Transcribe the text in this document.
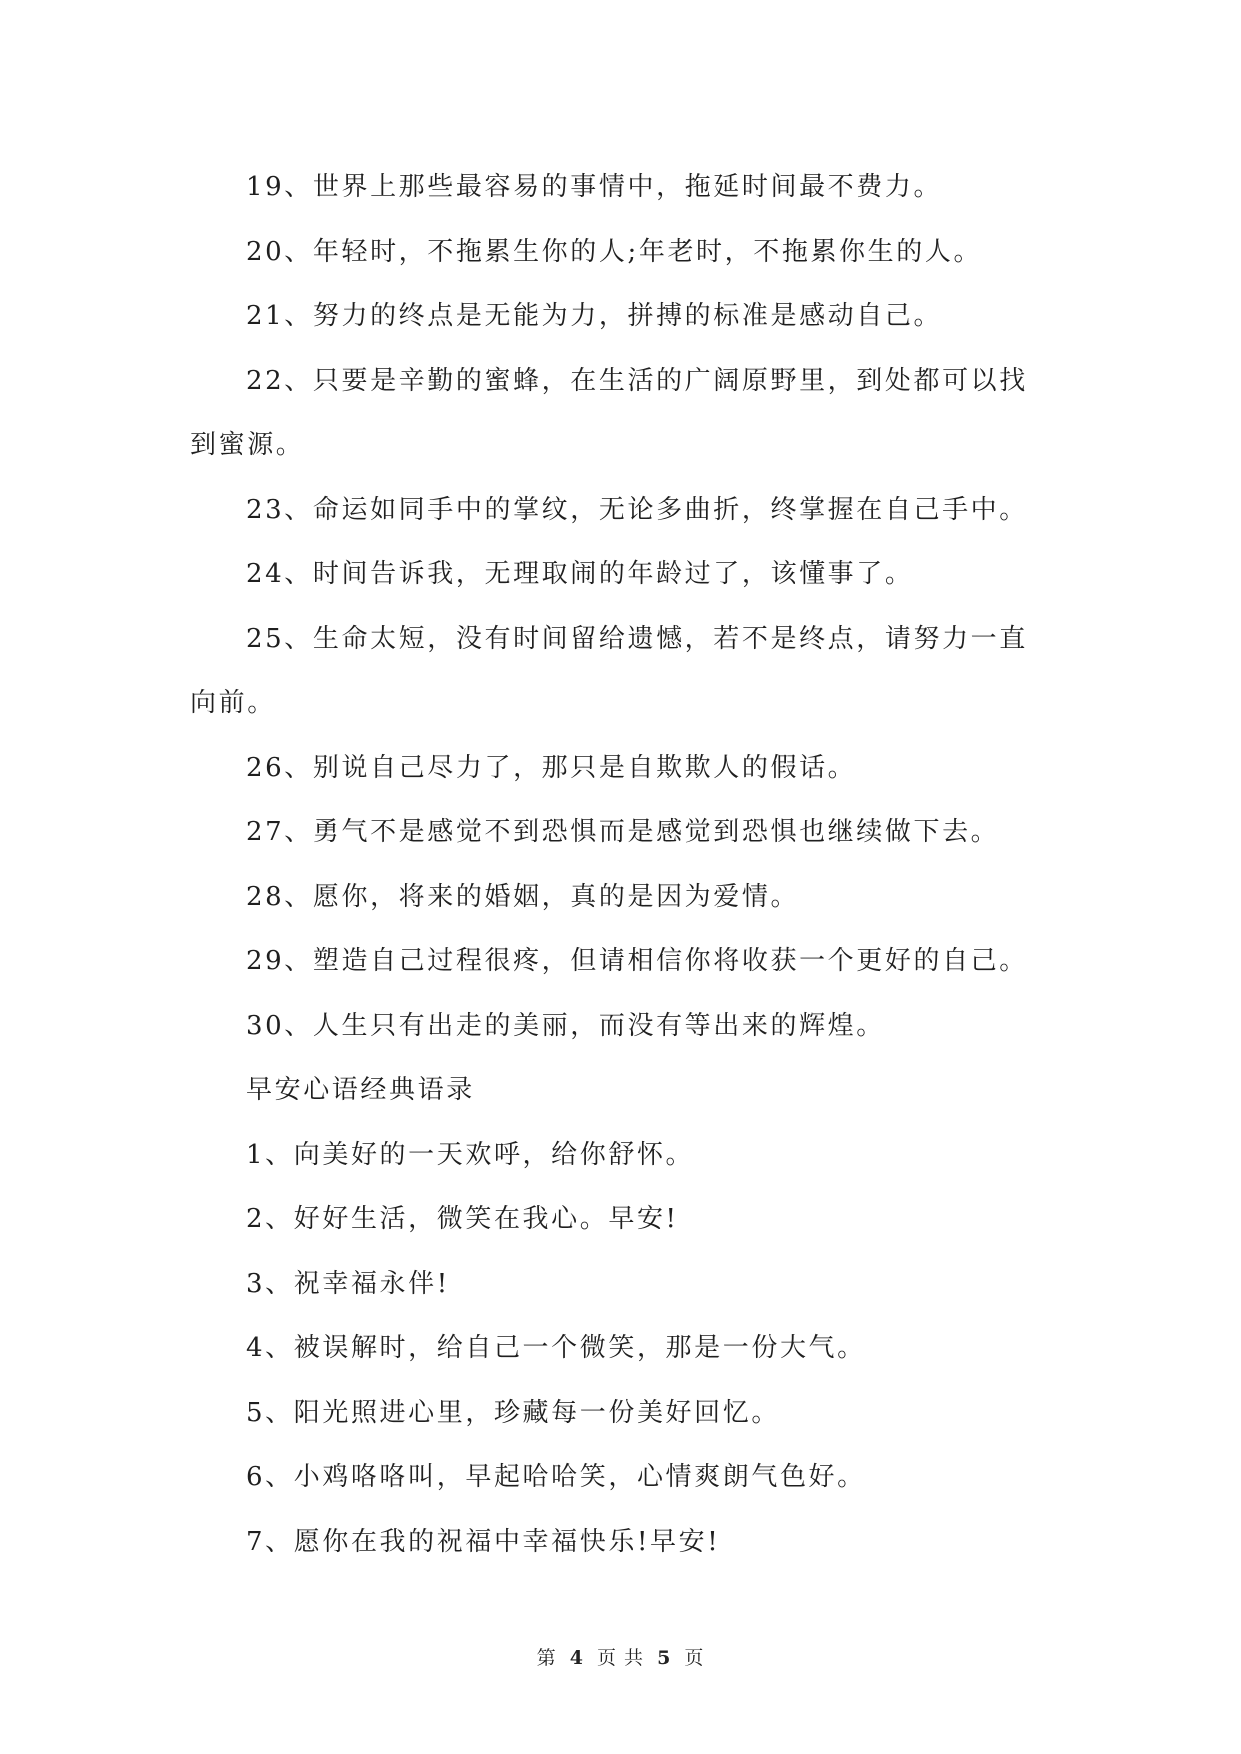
19、世界上那些最容易的事情中，拖延时间最不费力。

20、年轻时，不拖累生你的人;年老时，不拖累你生的人。

21、努力的终点是无能为力，拼搏的标准是感动自己。

22、只要是辛勤的蜜蜂，在生活的广阔原野里，到处都可以找到蜜源。

23、命运如同手中的掌纹，无论多曲折，终掌握在自己手中。

24、时间告诉我，无理取闹的年龄过了，该懂事了。

25、生命太短，没有时间留给遗憾，若不是终点，请努力一直向前。

26、别说自己尽力了，那只是自欺欺人的假话。

27、勇气不是感觉不到恐惧而是感觉到恐惧也继续做下去。

28、愿你，将来的婚姻，真的是因为爱情。

29、塑造自己过程很疼，但请相信你将收获一个更好的自己。

30、人生只有出走的美丽，而没有等出来的辉煌。

早安心语经典语录

1、向美好的一天欢呼，给你舒怀。

2、好好生活，微笑在我心。早安!

3、祝幸福永伴!

4、被误解时，给自己一个微笑，那是一份大气。

5、阳光照进心里，珍藏每一份美好回忆。

6、小鸡咯咯叫，早起哈哈笑，心情爽朗气色好。

7、愿你在我的祝福中幸福快乐!早安!

第 4 页 共 5 页
